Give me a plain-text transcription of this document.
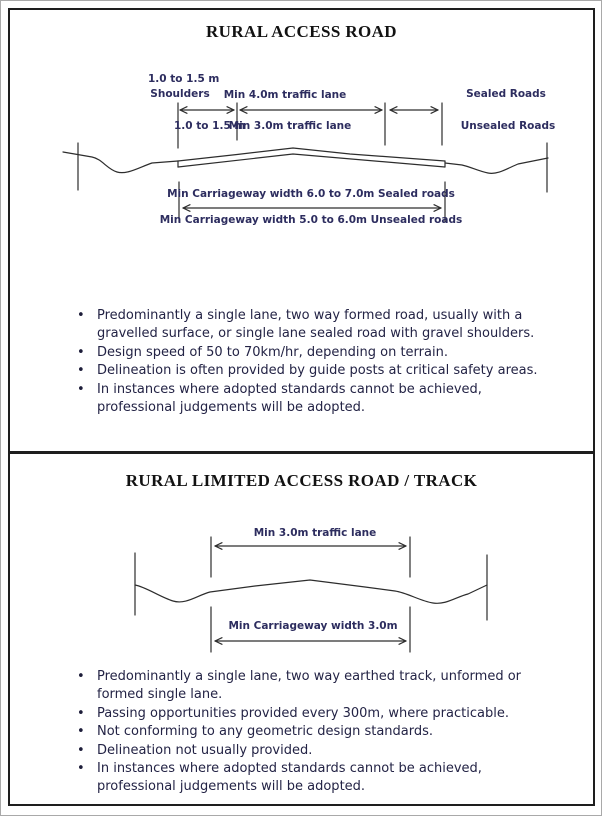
RURAL ACCESS ROAD
1.0 to 1.5 m
Shoulders	Min 4.0m traffic lane	Sealed Roads
1.0 to 1.5 m
Min 3.0m traffic lane	Unsealed Roads
Min Carriageway width 6.0 to 7.0m Sealed roads
Min Carriageway width 5.0 to 6.0m Unsealed roads
• Predominantly a single lane, two way formed road, usually with a
gravelled surface, or single lane sealed road with gravel shoulders.
• Design speed of 50 to 70km/hr, depending on terrain.
• Delineation is often provided by guide posts at critical safety areas.
• In instances where adopted standards cannot be achieved,
professional judgements will be adopted.
RURAL LIMITED ACCESS ROAD / TRACK
Min 3.0m traffic lane
Min Carriageway width 3.0m
• Predominantly a single lane, two way earthed track, unformed or
formed single lane.
• Passing opportunities provided every 300m, where practicable.
• Not conforming to any geometric design standards.
• Delineation not usually provided.
• In instances where adopted standards cannot be achieved,
professional judgements will be adopted.
